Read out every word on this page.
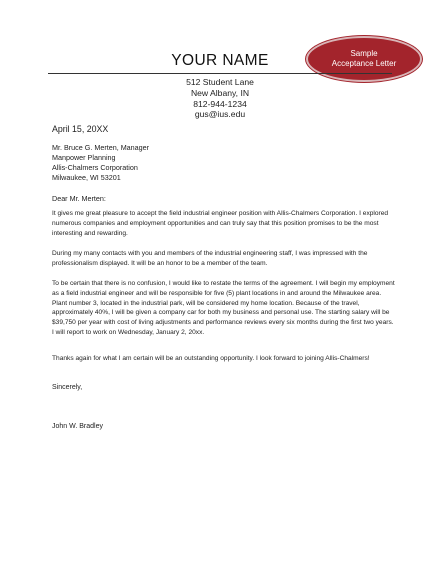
Sample
Acceptance Letter
YOUR NAME
512 Student Lane
New Albany, IN
812-944-1234
gus@ius.edu
April 15, 20XX
Mr. Bruce G. Merten, Manager
Manpower Planning
Allis-Chalmers Corporation
Milwaukee, WI 53201
Dear Mr. Merten:
It gives me great pleasure to accept the field industrial engineer position with Allis-Chalmers Corporation. I explored numerous companies and employment opportunities and can truly say that this position promises to be the most interesting and rewarding.
During my many contacts with you and members of the industrial engineering staff, I was impressed with the professionalism displayed. It will be an honor to be a member of the team.
To be certain that there is no confusion, I would like to restate the terms of the agreement. I will begin my employment as a field industrial engineer and will be responsible for five (5) plant locations in and around the Milwaukee area. Plant number 3, located in the industrial park, will be considered my home location. Because of the travel, approximately 40%, I will be given a company car for both my business and personal use. The starting salary will be $39,750 per year with cost of living adjustments and performance reviews every six months during the first two years. I will report to work on Wednesday, January 2, 20xx.
Thanks again for what I am certain will be an outstanding opportunity. I look forward to joining Allis-Chalmers!
Sincerely,
John W. Bradley
